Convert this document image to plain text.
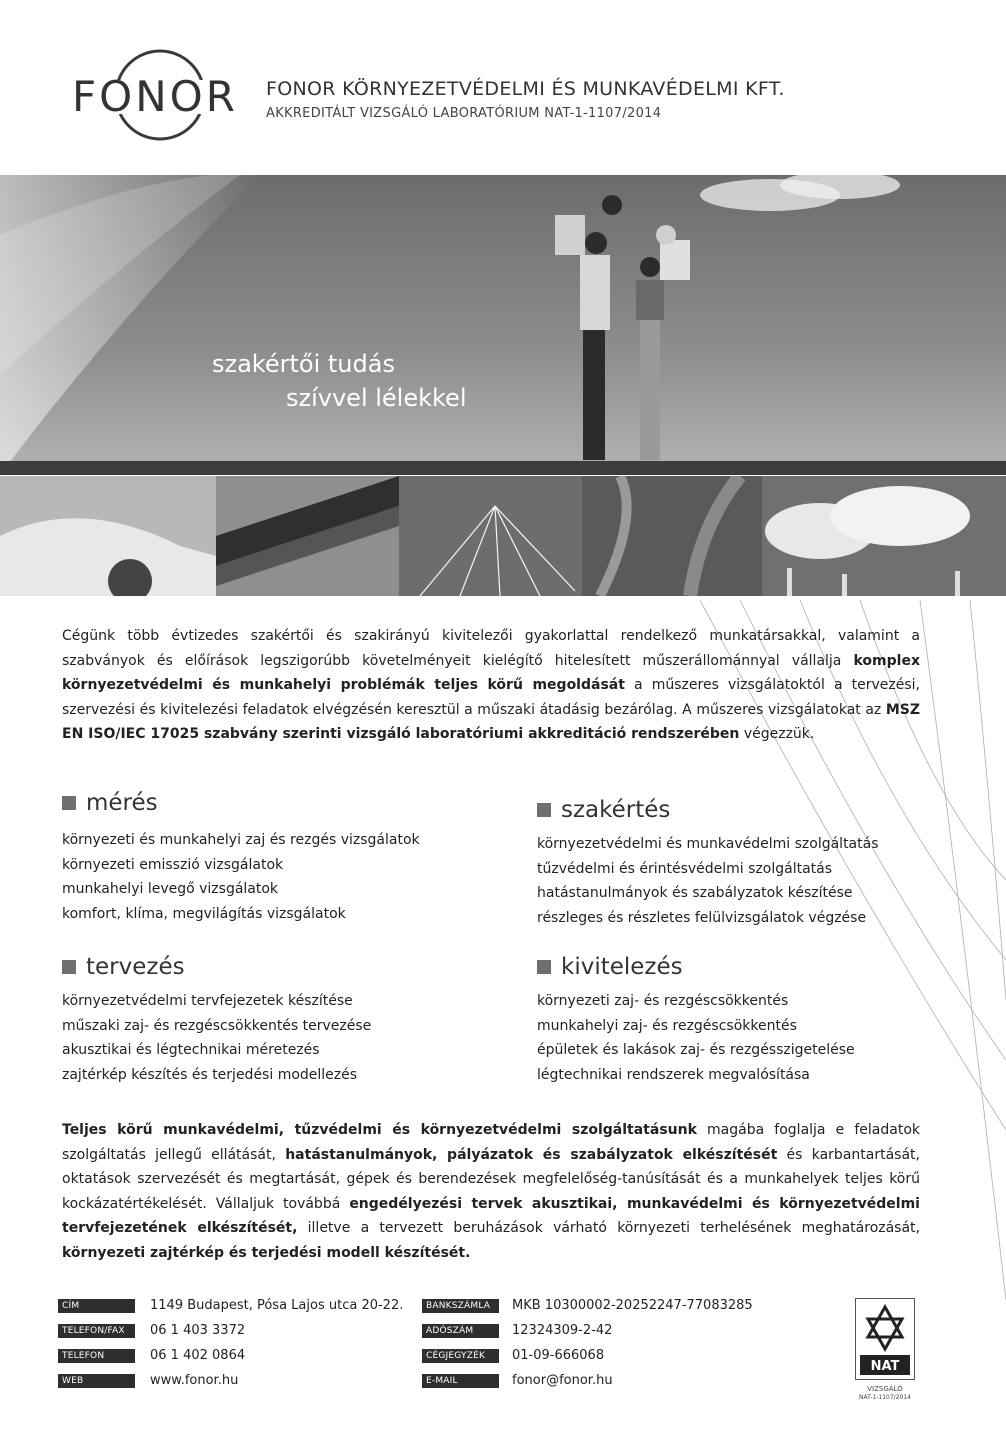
FONOR FONOR KÖRNYEZETVÉDELMI ÉS MUNKAVÉDELMI KFT.
AKKREDITÁLT VIZSGÁLÓ LABORATÓRIUM NAT-1-1107/2014
szakértői tudás
szívvel lélekkel
Cégünk több évtizedes szakértői és szakirányú kivitelezői gyakorlattal rendelkező munkatársakkal, valamint a szabványok és előírások legszigorúbb követelményeit kielégítő hitelesített műszerállománnyal vállalja komplex környezetvédelmi és munkahelyi problémák teljes körű megoldását a műszeres vizsgálatoktól a tervezési, szervezési és kivitelezési feladatok elvégzésén keresztül a műszaki átadásig bezárólag. A műszeres vizsgálatokat az MSZ EN ISO/IEC 17025 szabvány szerinti vizsgáló laboratóriumi akkreditáció rendszerében végezzük.
mérés
környezeti és munkahelyi zaj és rezgés vizsgálatok
környezeti emisszió vizsgálatok
munkahelyi levegő vizsgálatok
komfort, klíma, megvilágítás vizsgálatok
szakértés
környezetvédelmi és munkavédelmi szolgáltatás
tűzvédelmi és érintésvédelmi szolgáltatás
hatástanulmányok és szabályzatok készítése
részleges és részletes felülvizsgálatok végzése
tervezés
környezetvédelmi tervfejezetek készítése
műszaki zaj- és rezgéscsökkentés tervezése
akusztikai és légtechnikai méretezés
zajtérkép készítés és terjedési modellezés
kivitelezés
környezeti zaj- és rezgéscsökkentés
munkahelyi zaj- és rezgéscsökkentés
épületek és lakások zaj- és rezgésszigetelése
légtechnikai rendszerek megvalósítása
Teljes körű munkavédelmi, tűzvédelmi és környezetvédelmi szolgáltatásunk magába foglalja e feladatok szolgáltatás jellegű ellátását, hatástanulmányok, pályázatok és szabályzatok elkészítését és karbantartását, oktatások szervezését és megtartását, gépek és berendezések megfelelőség-tanúsítását és a munkahelyek teljes körű kockázatértékelését. Vállaljuk továbbá engedélyezési tervek akusztikai, munkavédelmi és környezetvédelmi tervfejezetének elkészítését, illetve a tervezett beruházások várható környezeti terhelésének meghatározását, környezeti zajtérkép és terjedési modell készítését.
CÍM	1149 Budapest, Pósa Lajos utca 20-22.
TELEFON/FAX	06 1 403 3372
TELEFON	06 1 402 0864
WEB	www.fonor.hu
BANKSZÁMLA	MKB 10300002-20252247-77083285
ADÓSZÁM	12324309-2-42
CÉGJEGYZÉK	01-09-666068
E-MAIL	fonor@fonor.hu
NAT
VIZSGÁLÓ
NAT-1-1107/2014
